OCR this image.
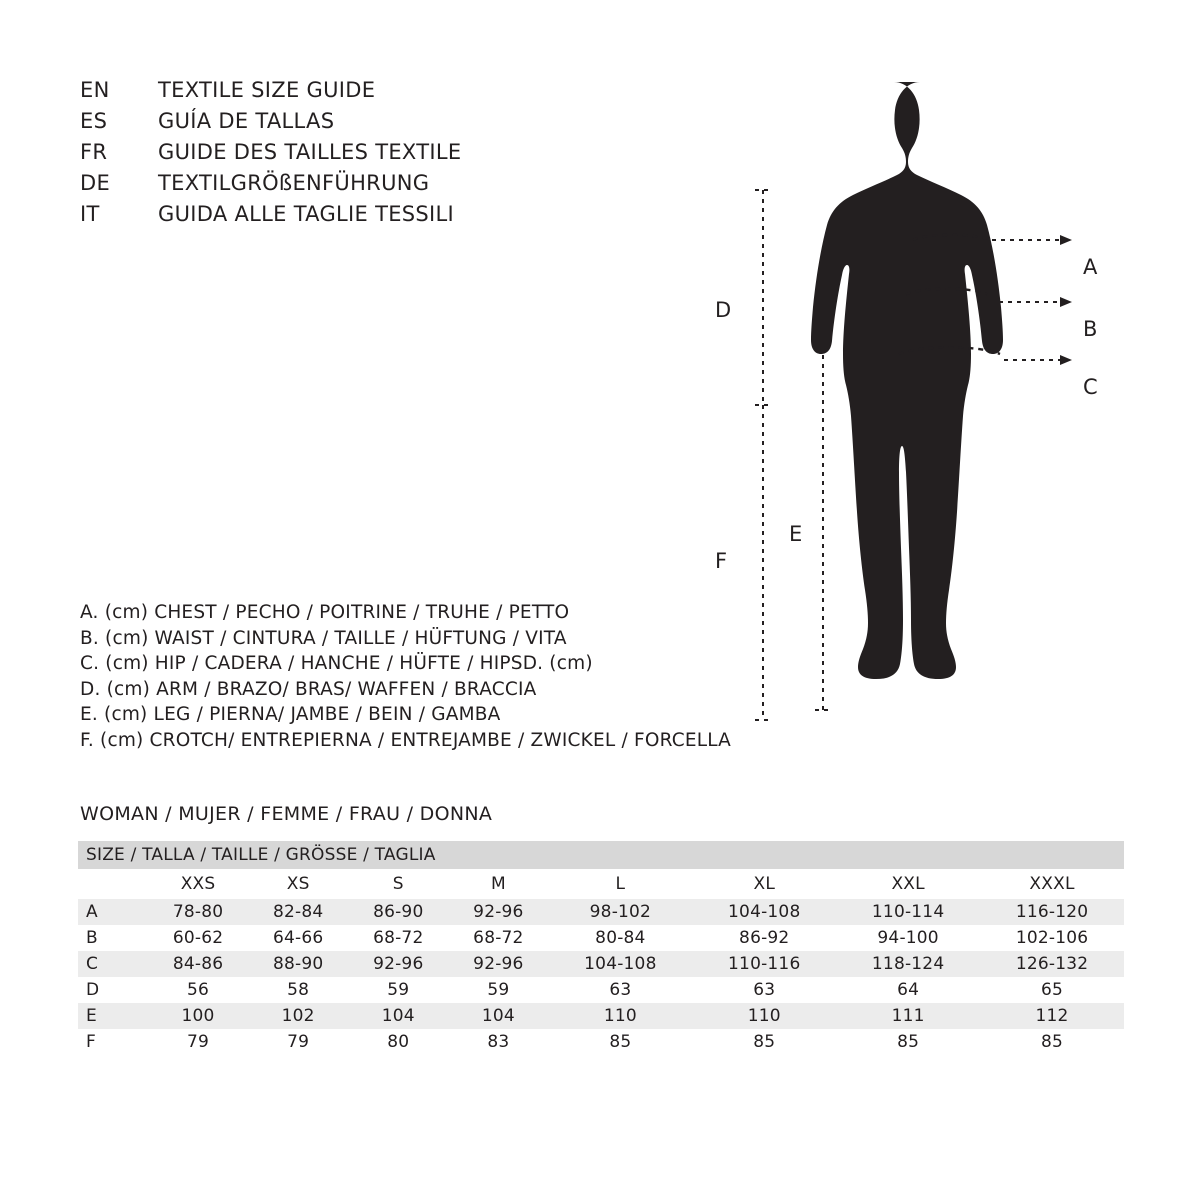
EN	TEXTILE SIZE GUIDE
ES	GUÍA DE TALLAS
FR	GUIDE DES TAILLES TEXTILE
DE	TEXTILGRÖßENFÜHRUNG
IT	GUIDA ALLE TAGLIE TESSILI
D
F
E
A
B
C
A. (cm) CHEST / PECHO / POITRINE / TRUHE / PETTO
B. (cm) WAIST / CINTURA / TAILLE / HÜFTUNG / VITA
C. (cm) HIP / CADERA / HANCHE / HÜFTE / HIPSD. (cm)
D. (cm) ARM / BRAZO/ BRAS/ WAFFEN / BRACCIA
E. (cm) LEG / PIERNA/ JAMBE / BEIN / GAMBA
F. (cm) CROTCH/ ENTREPIERNA / ENTREJAMBE / ZWICKEL / FORCELLA
WOMAN / MUJER / FEMME / FRAU / DONNA
SIZE / TALLA / TAILLE / GRÖSSE / TAGLIA								
	XXS	XS	S	M	L	XL	XXL	XXXL
A	78-80	82-84	86-90	92-96	98-102	104-108	110-114	116-120
B	60-62	64-66	68-72	68-72	80-84	86-92	94-100	102-106
C	84-86	88-90	92-96	92-96	104-108	110-116	118-124	126-132
D	56	58	59	59	63	63	64	65
E	100	102	104	104	110	110	111	112
F	79	79	80	83	85	85	85	85
